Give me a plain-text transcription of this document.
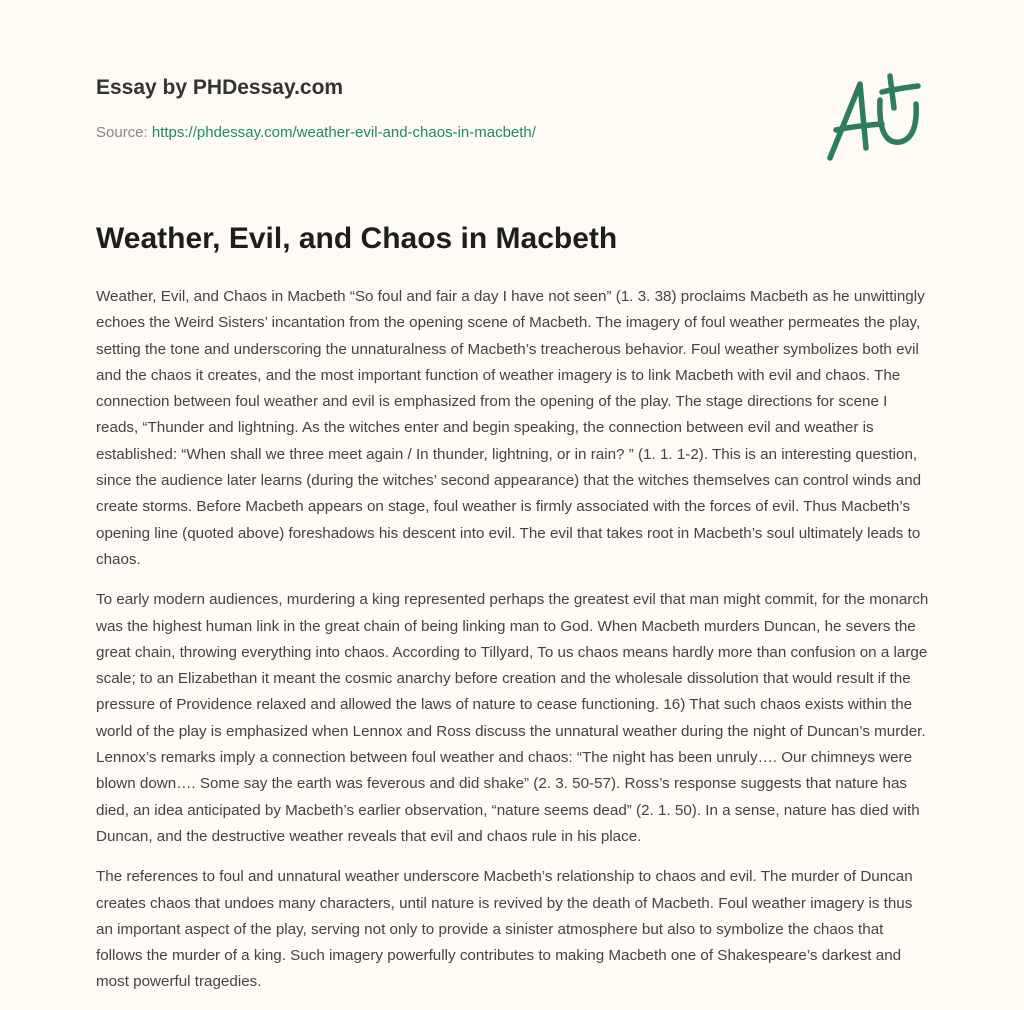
Essay by PHDessay.com
Source: https://phdessay.com/weather-evil-and-chaos-in-macbeth/
Weather, Evil, and Chaos in Macbeth

Weather, Evil, and Chaos in Macbeth “So foul and fair a day I have not seen” (1. 3. 38) proclaims Macbeth as he unwittingly echoes the Weird Sisters’ incantation from the opening scene of Macbeth. The imagery of foul weather permeates the play, setting the tone and underscoring the unnaturalness of Macbeth’s treacherous behavior. Foul weather symbolizes both evil and the chaos it creates, and the most important function of weather imagery is to link Macbeth with evil and chaos. The connection between foul weather and evil is emphasized from the opening of the play. The stage directions for scene I reads, “Thunder and lightning. As the witches enter and begin speaking, the connection between evil and weather is established: “When shall we three meet again / In thunder, lightning, or in rain? ” (1. 1. 1-2). This is an interesting question, since the audience later learns (during the witches’ second appearance) that the witches themselves can control winds and create storms. Before Macbeth appears on stage, foul weather is firmly associated with the forces of evil. Thus Macbeth’s opening line (quoted above) foreshadows his descent into evil. The evil that takes root in Macbeth’s soul ultimately leads to chaos.

To early modern audiences, murdering a king represented perhaps the greatest evil that man might commit, for the monarch was the highest human link in the great chain of being linking man to God. When Macbeth murders Duncan, he severs the great chain, throwing everything into chaos. According to Tillyard, To us chaos means hardly more than confusion on a large scale; to an Elizabethan it meant the cosmic anarchy before creation and the wholesale dissolution that would result if the pressure of Providence relaxed and allowed the laws of nature to cease functioning. 16) That such chaos exists within the world of the play is emphasized when Lennox and Ross discuss the unnatural weather during the night of Duncan’s murder. Lennox’s remarks imply a connection between foul weather and chaos: “The night has been unruly…. Our chimneys were blown down…. Some say the earth was feverous and did shake” (2. 3. 50-57). Ross’s response suggests that nature has died, an idea anticipated by Macbeth’s earlier observation, “nature seems dead” (2. 1. 50). In a sense, nature has died with Duncan, and the destructive weather reveals that evil and chaos rule in his place.

The references to foul and unnatural weather underscore Macbeth’s relationship to chaos and evil. The murder of Duncan creates chaos that undoes many characters, until nature is revived by the death of Macbeth. Foul weather imagery is thus an important aspect of the play, serving not only to provide a sinister atmosphere but also to symbolize the chaos that follows the murder of a king. Such imagery powerfully contributes to making Macbeth one of Shakespeare’s darkest and most powerful tragedies.
